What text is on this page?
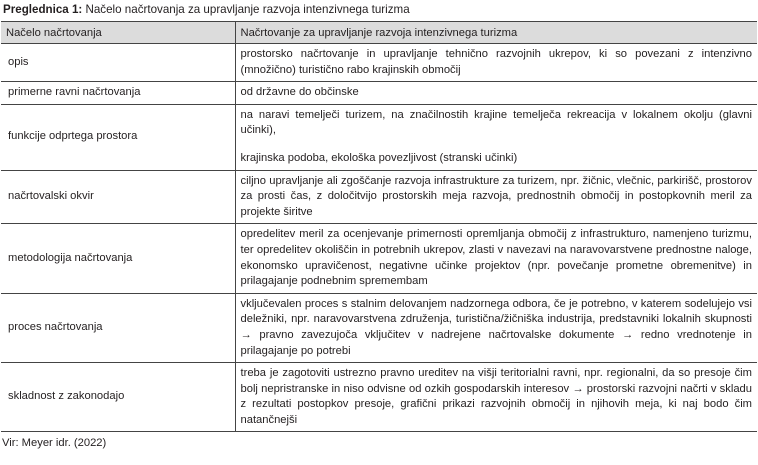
Preglednica 1: Načelo načrtovanja za upravljanje razvoja intenzivnega turizma
Načelo načrtovanja	Načrtovanje za upravljanje razvoja intenzivnega turizma
opis	prostorsko načrtovanje in upravljanje tehnično razvojnih ukrepov, ki so povezani z intenzivno (množično) turistično rabo krajinskih območij

primerne ravni načrtovanja	od državne do občinske

funkcije odprtega prostora	na naravi temelječi turizem, na značilnostih krajine temelječa rekreacija v lokalnem okolju (glavni učinki),

krajinska podoba, ekološka povezljivost (stranski učinki)

načrtovalski okvir	ciljno upravljanje ali zgoščanje razvoja infrastrukture za turizem, npr. žičnic, vlečnic, parkirišč, prostorov za prosti čas, z določitvijo prostorskih meja razvoja, prednostnih območij in postopkovnih meril za projekte širitve

metodologija načrtovanja	opredelitev meril za ocenjevanje primernosti opremljanja območij z infrastrukturo, namenjeno turizmu, ter opredelitev okoliščin in potrebnih ukrepov, zlasti v navezavi na naravovarstvene prednostne naloge, ekonomsko upravičenost, negativne učinke projektov (npr. povečanje prometne obremenitve) in prilagajanje podnebnim spremembam

proces načrtovanja	vključevalen proces s stalnim delovanjem nadzornega odbora, če je potrebno, v katerem sodelujejo vsi deležniki, npr. naravovarstvena združenja, turistična/žičniška industrija, predstavniki lokalnih skupnosti → pravno zavezujoča vključitev v nadrejene načrtovalske dokumente → redno vrednotenje in prilagajanje po potrebi

skladnost z zakonodajo	treba je zagotoviti ustrezno pravno ureditev na višji teritorialni ravni, npr. regionalni, da so presoje čim bolj nepristranske in niso odvisne od ozkih gospodarskih interesov → prostorski razvojni načrti v skladu z rezultati postopkov presoje, grafični prikazi razvojnih območij in njihovih meja, ki naj bodo čim natančnejši

Vir: Meyer idr. (2022)
